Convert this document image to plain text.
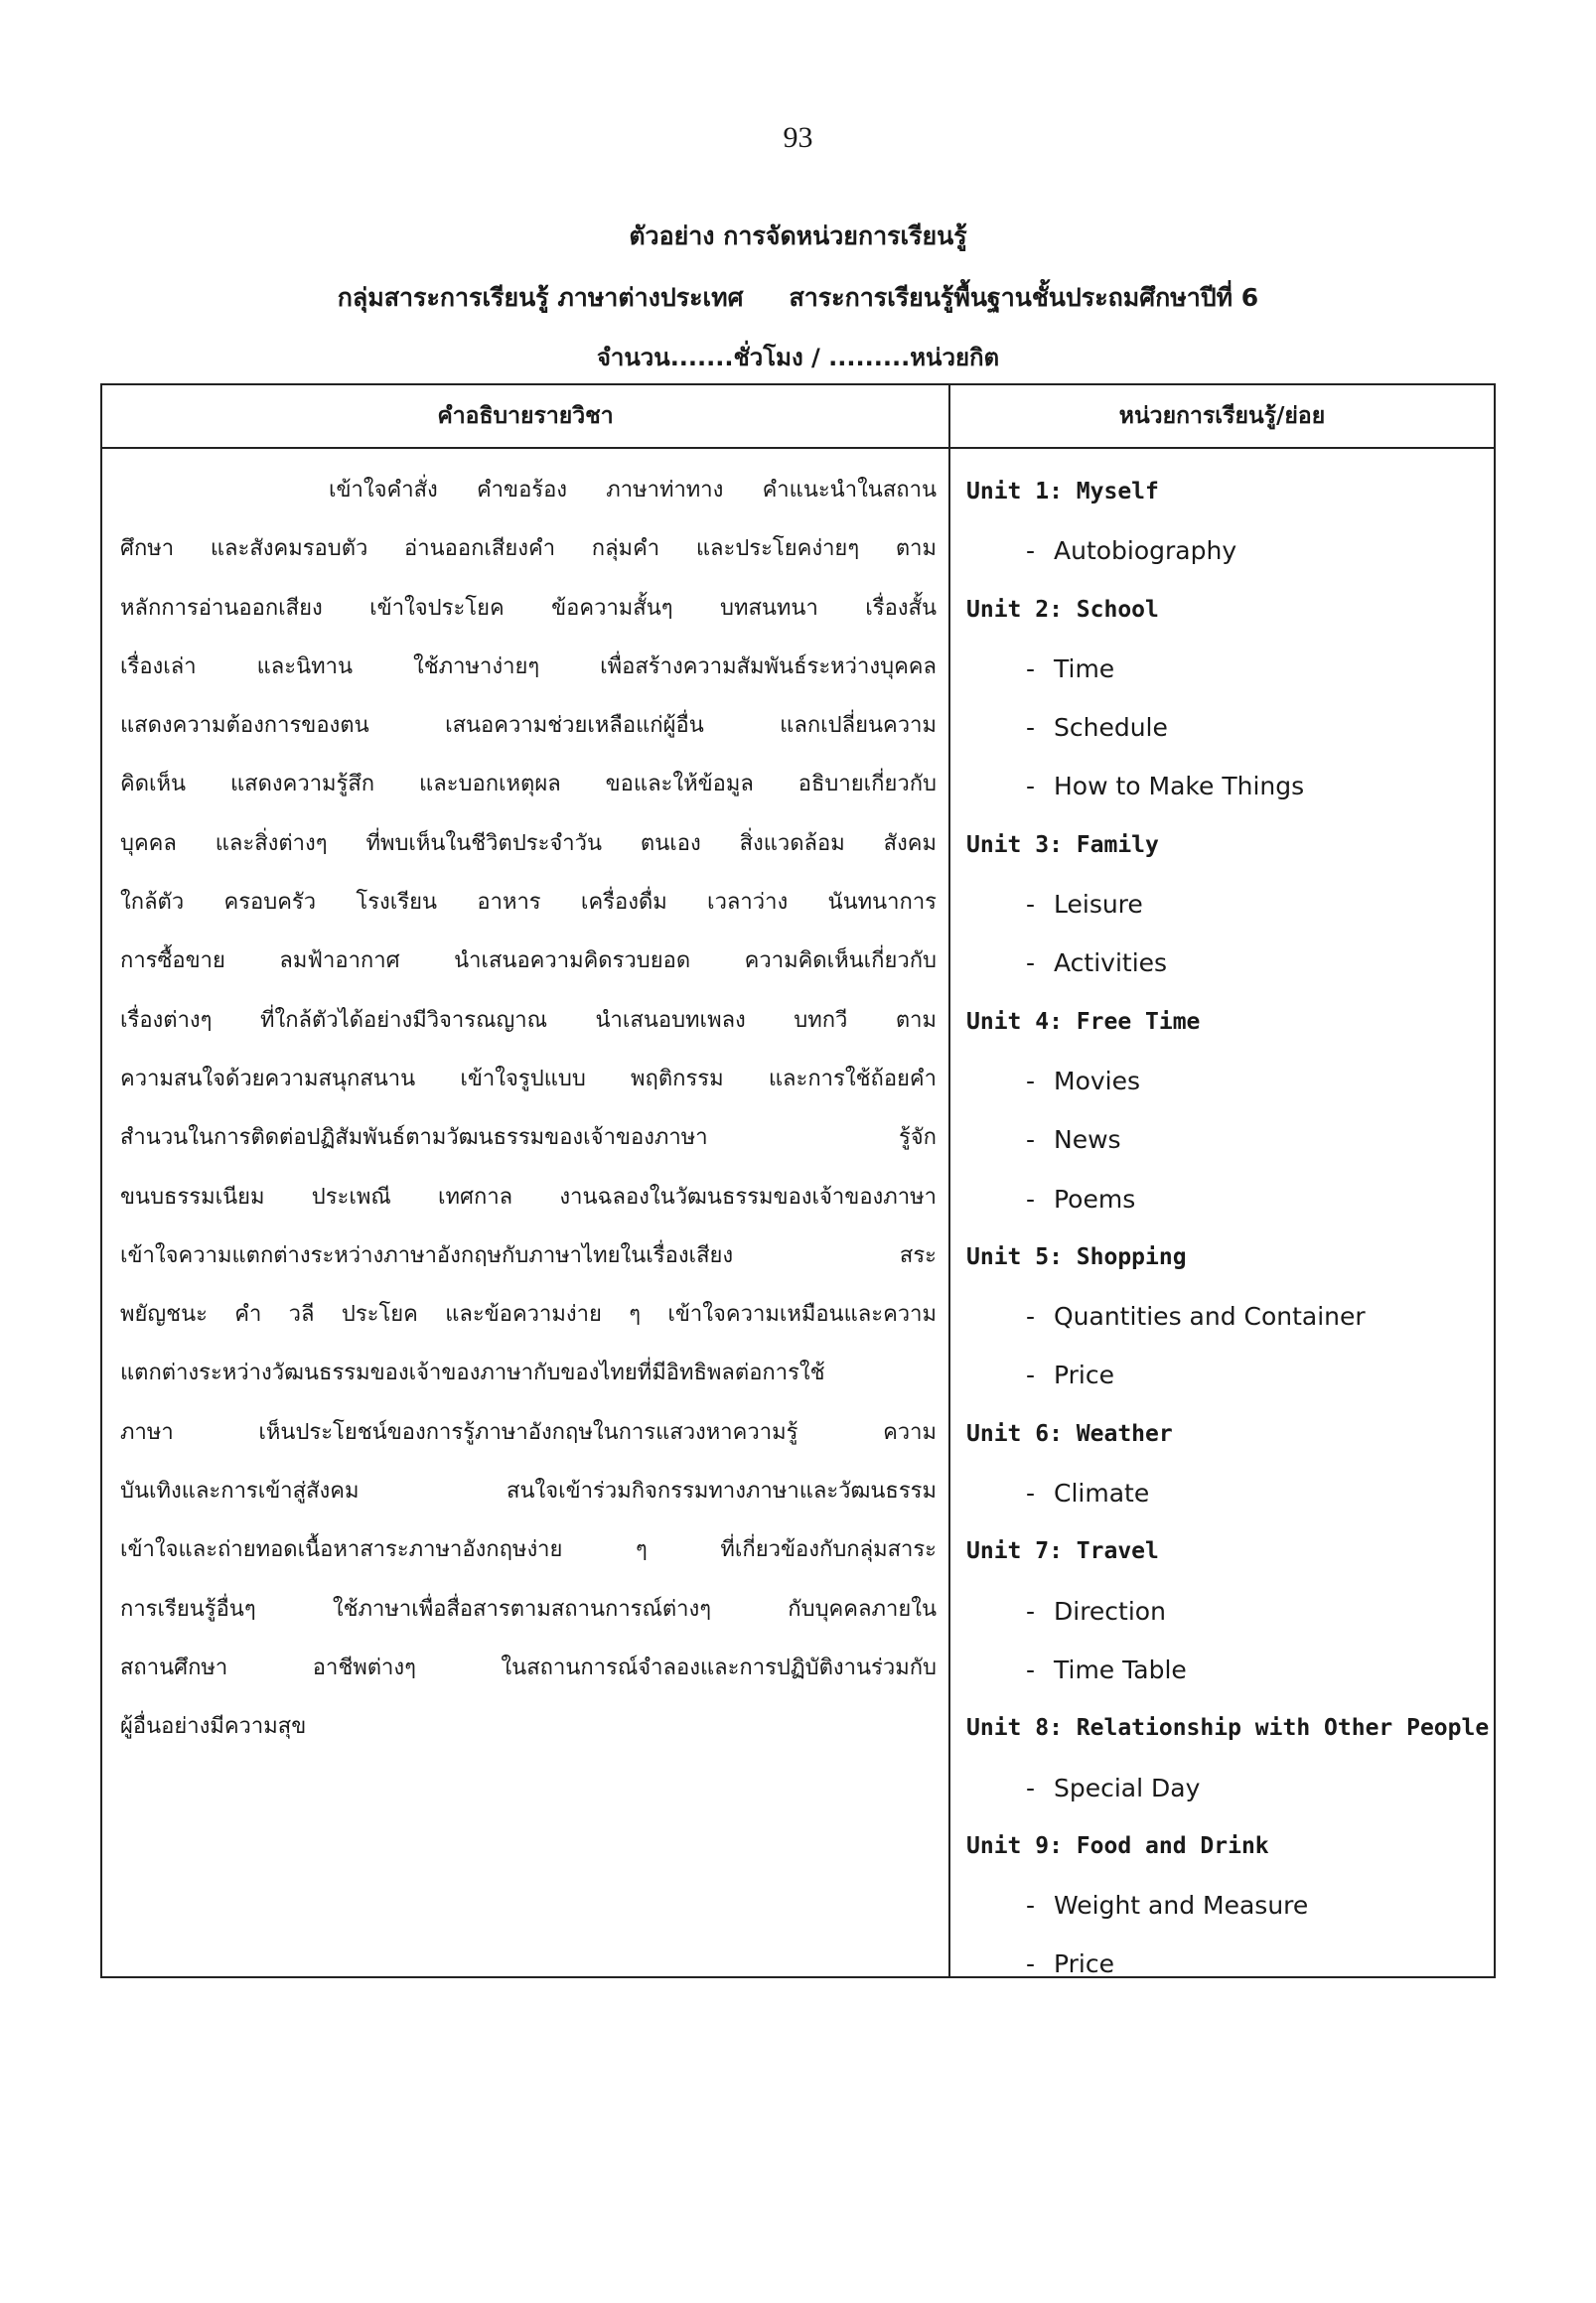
93
ตัวอย่าง การจัดหน่วยการเรียนรู้
กลุ่มสาระการเรียนรู้ ภาษาต่างประเทศ สาระการเรียนรู้พื้นฐานชั้นประถมศึกษาปีที่ 6
จำนวน.......ชั่วโมง / .........หน่วยกิต
คำอธิบายรายวิชา	หน่วยการเรียนรู้/ย่อย
เข้าใจคำสั่ง คำขอร้อง ภาษาท่าทาง คำแนะนำในสถาน
ศึกษา และสังคมรอบตัว อ่านออกเสียงคำ กลุ่มคำ และประโยคง่ายๆ ตาม
หลักการอ่านออกเสียง เข้าใจประโยค ข้อความสั้นๆ บทสนทนา เรื่องสั้น
เรื่องเล่า และนิทาน ใช้ภาษาง่ายๆ เพื่อสร้างความสัมพันธ์ระหว่างบุคคล
แสดงความต้องการของตน เสนอความช่วยเหลือแก่ผู้อื่น แลกเปลี่ยนความ
คิดเห็น แสดงความรู้สึก และบอกเหตุผล ขอและให้ข้อมูล อธิบายเกี่ยวกับ
บุคคล และสิ่งต่างๆ ที่พบเห็นในชีวิตประจำวัน ตนเอง สิ่งแวดล้อม สังคม
ใกล้ตัว ครอบครัว โรงเรียน อาหาร เครื่องดื่ม เวลาว่าง นันทนาการ
การซื้อขาย ลมฟ้าอากาศ นำเสนอความคิดรวบยอด ความคิดเห็นเกี่ยวกับ
เรื่องต่างๆ ที่ใกล้ตัวได้อย่างมีวิจารณญาณ นำเสนอบทเพลง บทกวี ตาม
ความสนใจด้วยความสนุกสนาน เข้าใจรูปแบบ พฤติกรรม และการใช้ถ้อยคำ
สำนวนในการติดต่อปฏิสัมพันธ์ตามวัฒนธรรมของเจ้าของภาษา รู้จัก
ขนบธรรมเนียม ประเพณี เทศกาล งานฉลองในวัฒนธรรมของเจ้าของภาษา
เข้าใจความแตกต่างระหว่างภาษาอังกฤษกับภาษาไทยในเรื่องเสียง สระ
พยัญชนะ คำ วลี ประโยค และข้อความง่าย ๆ เข้าใจความเหมือนและความ
แตกต่างระหว่างวัฒนธรรมของเจ้าของภาษากับของไทยที่มีอิทธิพลต่อการใช้
ภาษา เห็นประโยชน์ของการรู้ภาษาอังกฤษในการแสวงหาความรู้ ความ
บันเทิงและการเข้าสู่สังคม สนใจเข้าร่วมกิจกรรมทางภาษาและวัฒนธรรม
เข้าใจและถ่ายทอดเนื้อหาสาระภาษาอังกฤษง่าย ๆ ที่เกี่ยวข้องกับกลุ่มสาระ
การเรียนรู้อื่นๆ ใช้ภาษาเพื่อสื่อสารตามสถานการณ์ต่างๆ กับบุคคลภายใน
สถานศึกษา อาชีพต่างๆ ในสถานการณ์จำลองและการปฏิบัติงานร่วมกับ
ผู้อื่นอย่างมีความสุข
Unit 1: Myself
- Autobiography
Unit 2: School
- Time
- Schedule
- How to Make Things
Unit 3: Family
- Leisure
- Activities
Unit 4: Free Time
- Movies
- News
- Poems
Unit 5: Shopping
- Quantities and Container
- Price
Unit 6: Weather
- Climate
Unit 7: Travel
- Direction
- Time Table
Unit 8: Relationship with Other People
- Special Day
Unit 9: Food and Drink
- Weight and Measure
- Price
